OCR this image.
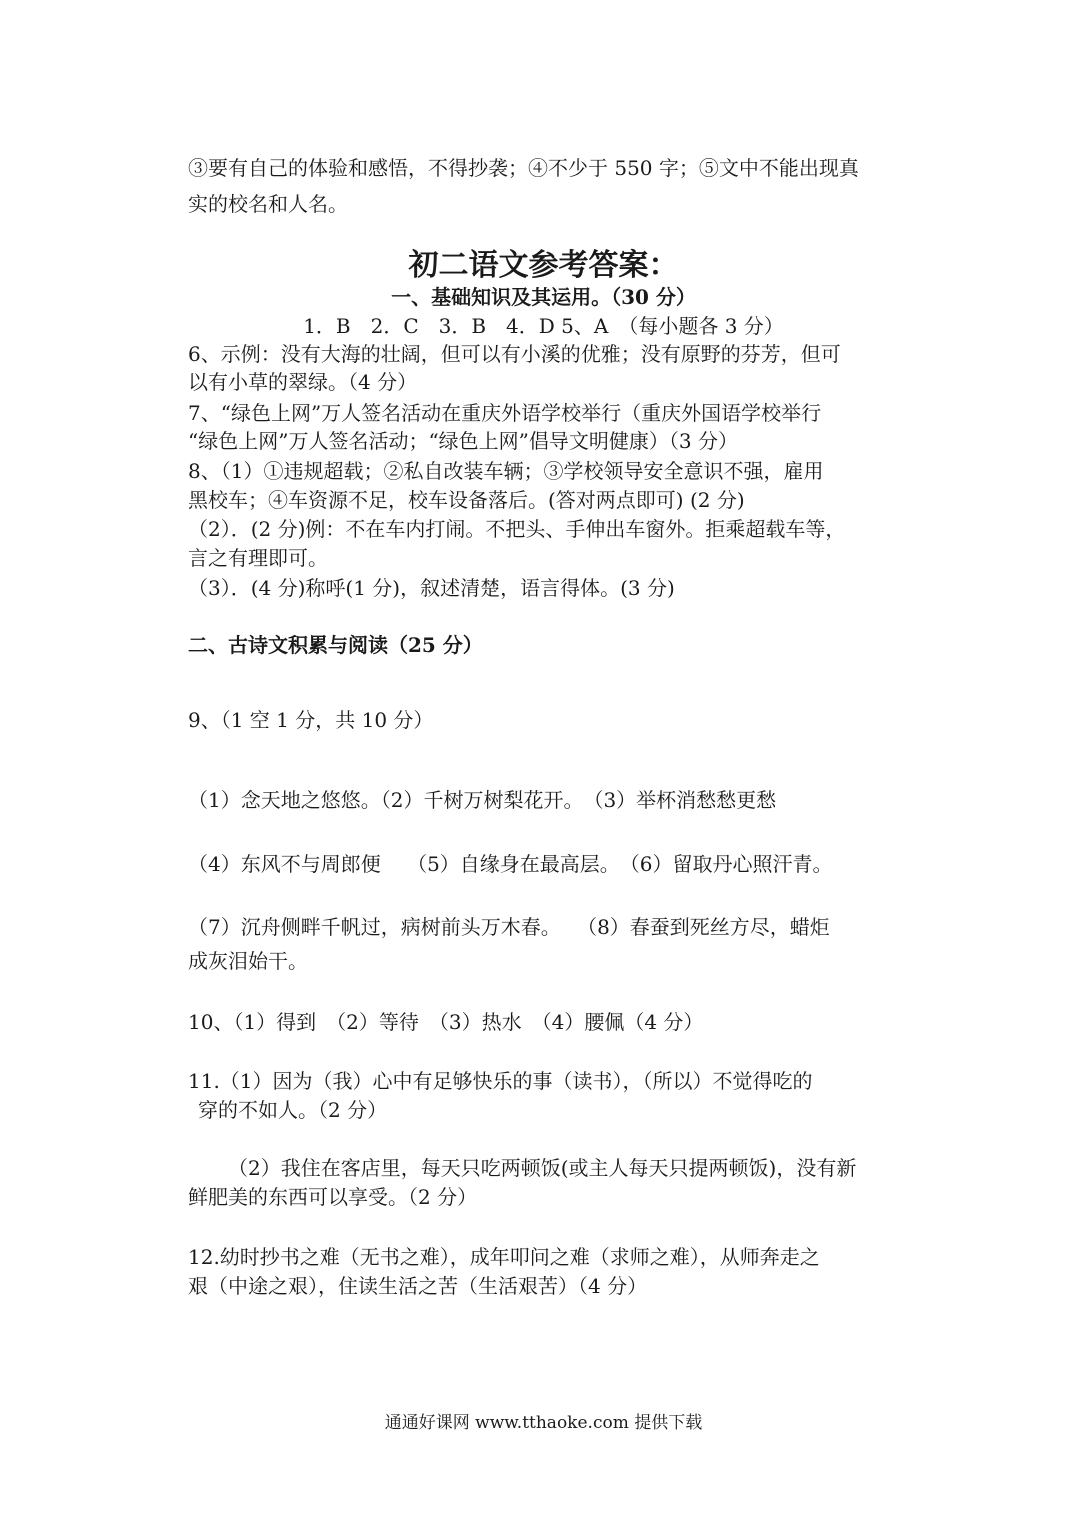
③要有自己的体验和感悟，不得抄袭；④不少于 550 字；⑤文中不能出现真
实的校名和人名。
初二语文参考答案：
一、基础知识及其运用。（30 分）
1．B　2．C　3．B　4．D 5、A　（每小题各 3 分）
6、示例：没有大海的壮阔，但可以有小溪的优雅；没有原野的芬芳，但可
以有小草的翠绿。（4 分）
7、“绿色上网”万人签名活动在重庆外语学校举行（重庆外国语学校举行
“绿色上网”万人签名活动；“绿色上网”倡导文明健康）（3 分）
8、（1）①违规超载；②私自改装车辆；③学校领导安全意识不强，雇用
黑校车；④车资源不足，校车设备落后。(答对两点即可) (2 分)
（2）．(2 分)例：不在车内打闹。不把头、手伸出车窗外。拒乘超载车等，
言之有理即可。
（3）．(4 分)称呼(1 分)，叙述清楚，语言得体。(3 分)
二、古诗文积累与阅读（25 分）
9、（1 空 1 分，共 10 分）
（1）念天地之悠悠。（2）千树万树梨花开。　（3）举杯消愁愁更愁
（4）东风不与周郎便　 （5）自缘身在最高层。　（6）留取丹心照汗青。
（7）沉舟侧畔千帆过，病树前头万木春。　 （8）春蚕到死丝方尽，蜡炬
成灰泪始干。
10、（1）得到　（2）等待　（3）热水　（4）腰佩（4 分）
11.（1）因为（我）心中有足够快乐的事（读书），（所以）不觉得吃的
穿的不如人。（2 分）
（2）我住在客店里，每天只吃两顿饭(或主人每天只提两顿饭)，没有新
鲜肥美的东西可以享受。（2 分）
12.幼时抄书之难（无书之难），成年叩问之难（求师之难），从师奔走之
艰（中途之艰），住读生活之苦（生活艰苦）（4 分）
通通好课网 www.tthaoke.com 提供下载
